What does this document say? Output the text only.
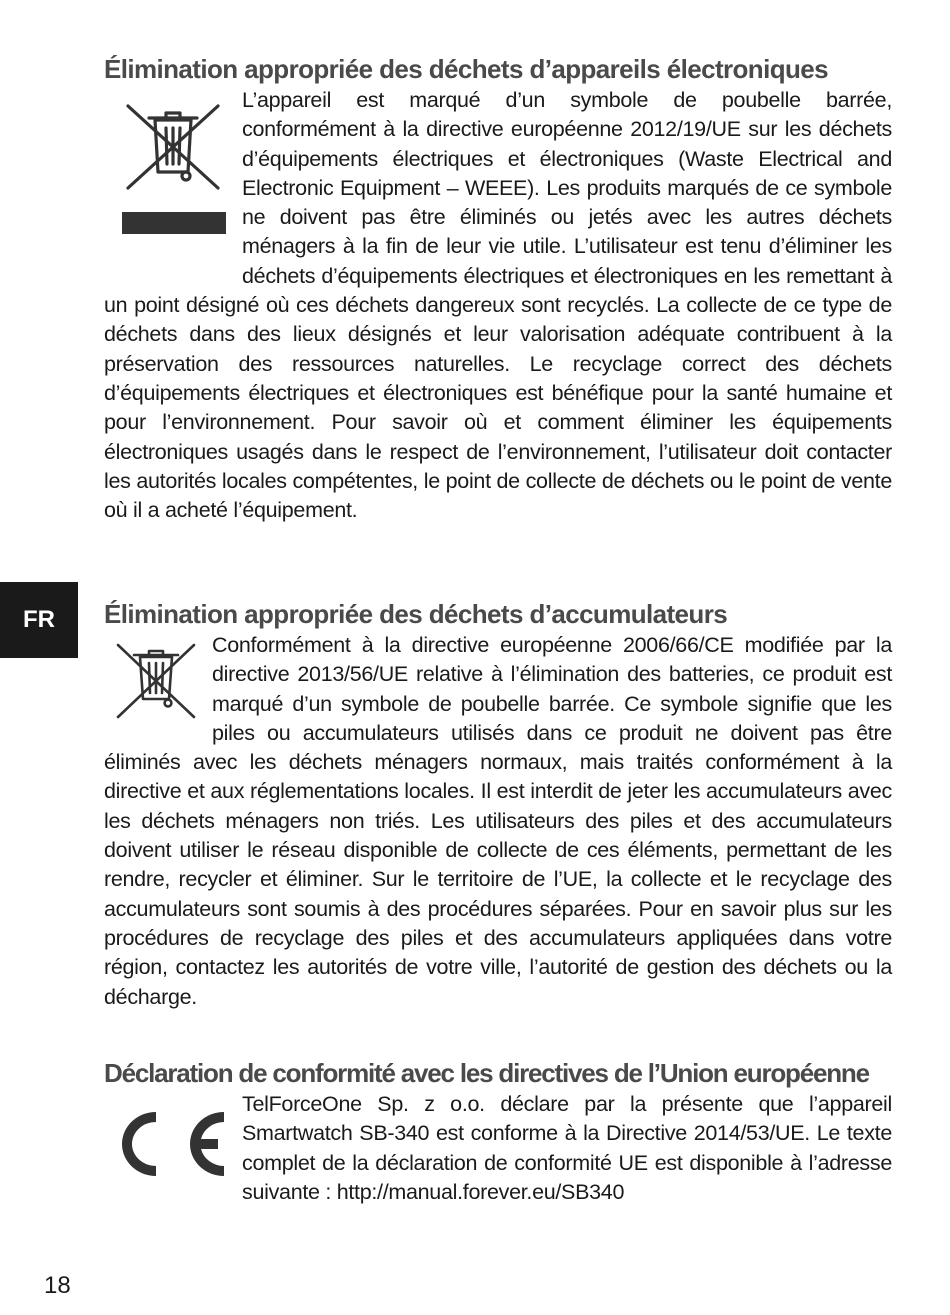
Élimination appropriée des déchets d’appareils électroniques

L’appareil est marqué d’un symbole de poubelle barrée, conformément à la directive européenne 2012/19/UE sur les déchets d’équipements électriques et électroniques (Waste Electrical and Electronic Equipment – WEEE). Les produits marqués de ce symbole ne doivent pas être éliminés ou jetés avec les autres déchets ménagers à la fin de leur vie utile. L’utilisateur est tenu d’éliminer les déchets d’équipements électriques et électroniques en les remettant à un point désigné où ces déchets dangereux sont recyclés. La collecte de ce type de déchets dans des lieux désignés et leur valorisation adéquate contribuent à la préservation des ressources naturelles. Le recyclage correct des déchets d’équipements électriques et électroniques est bénéfique pour la santé humaine et pour l’environnement. Pour savoir où et comment éliminer les équipements électroniques usagés dans le respect de l’environnement, l’utilisateur doit contacter les autorités locales compétentes, le point de collecte de déchets ou le point de vente où il a acheté l’équipement.

FR Élimination appropriée des déchets d’accumulateurs

Conformément à la directive européenne 2006/66/CE modifiée par la directive 2013/56/UE relative à l’élimination des batteries, ce produit est marqué d’un symbole de poubelle barrée. Ce symbole signifie que les piles ou accumulateurs utilisés dans ce produit ne doivent pas être éliminés avec les déchets ménagers normaux, mais traités conformément à la directive et aux réglementations locales. Il est interdit de jeter les accumulateurs avec les déchets ménagers non triés. Les utilisateurs des piles et des accumulateurs doivent utiliser le réseau disponible de collecte de ces éléments, permettant de les rendre, recycler et éliminer. Sur le territoire de l’UE, la collecte et le recyclage des accumulateurs sont soumis à des procédures séparées. Pour en savoir plus sur les procédures de recyclage des piles et des accumulateurs appliquées dans votre région, contactez les autorités de votre ville, l’autorité de gestion des déchets ou la décharge.

Déclaration de conformité avec les directives de l’Union européenne

TelForceOne Sp. z o.o. déclare par la présente que l’appareil Smartwatch SB-340 est conforme à la Directive 2014/53/UE. Le texte complet de la déclaration de conformité UE est disponible à l’adresse suivante : http://manual.forever.eu/SB340

18
